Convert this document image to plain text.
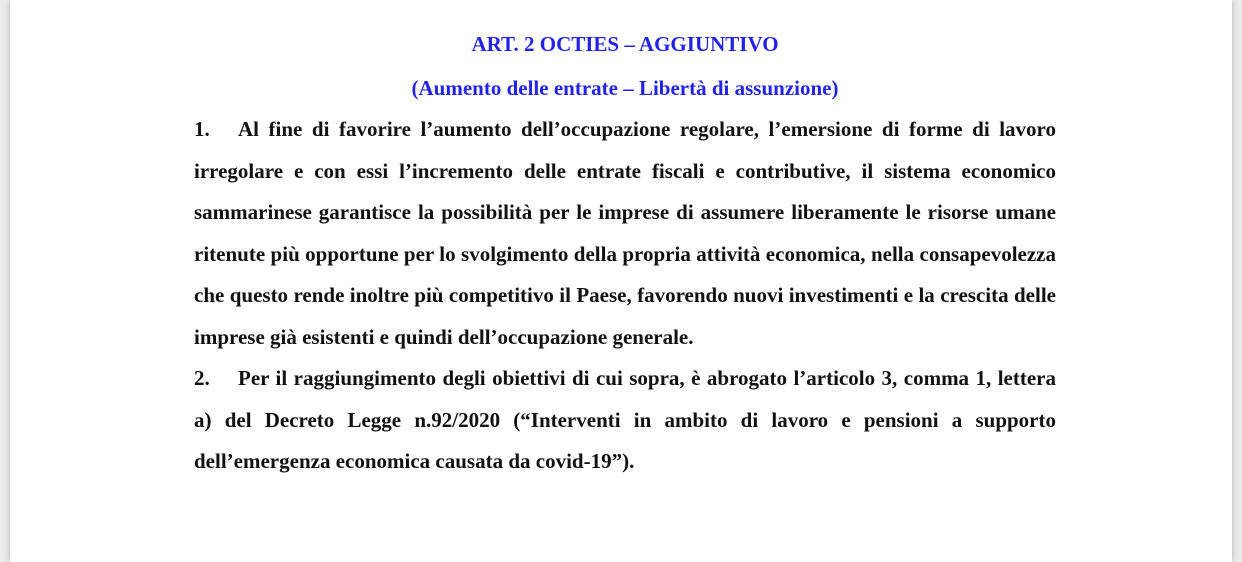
ART. 2 OCTIES – AGGIUNTIVO

(Aumento delle entrate – Libertà di assunzione)

1. Al fine di favorire l’aumento dell’occupazione regolare, l’emersione di forme di lavoro irregolare e con essi l’incremento delle entrate fiscali e contributive, il sistema economico sammarinese garantisce la possibilità per le imprese di assumere liberamente le risorse umane ritenute più opportune per lo svolgimento della propria attività economica, nella consapevolezza che questo rende inoltre più competitivo il Paese, favorendo nuovi investimenti e la crescita delle imprese già esistenti e quindi dell’occupazione generale.

2. Per il raggiungimento degli obiettivi di cui sopra, è abrogato l’articolo 3, comma 1, lettera a) del Decreto Legge n.92/2020 (“Interventi in ambito di lavoro e pensioni a supporto dell’emergenza economica causata da covid-19”).
